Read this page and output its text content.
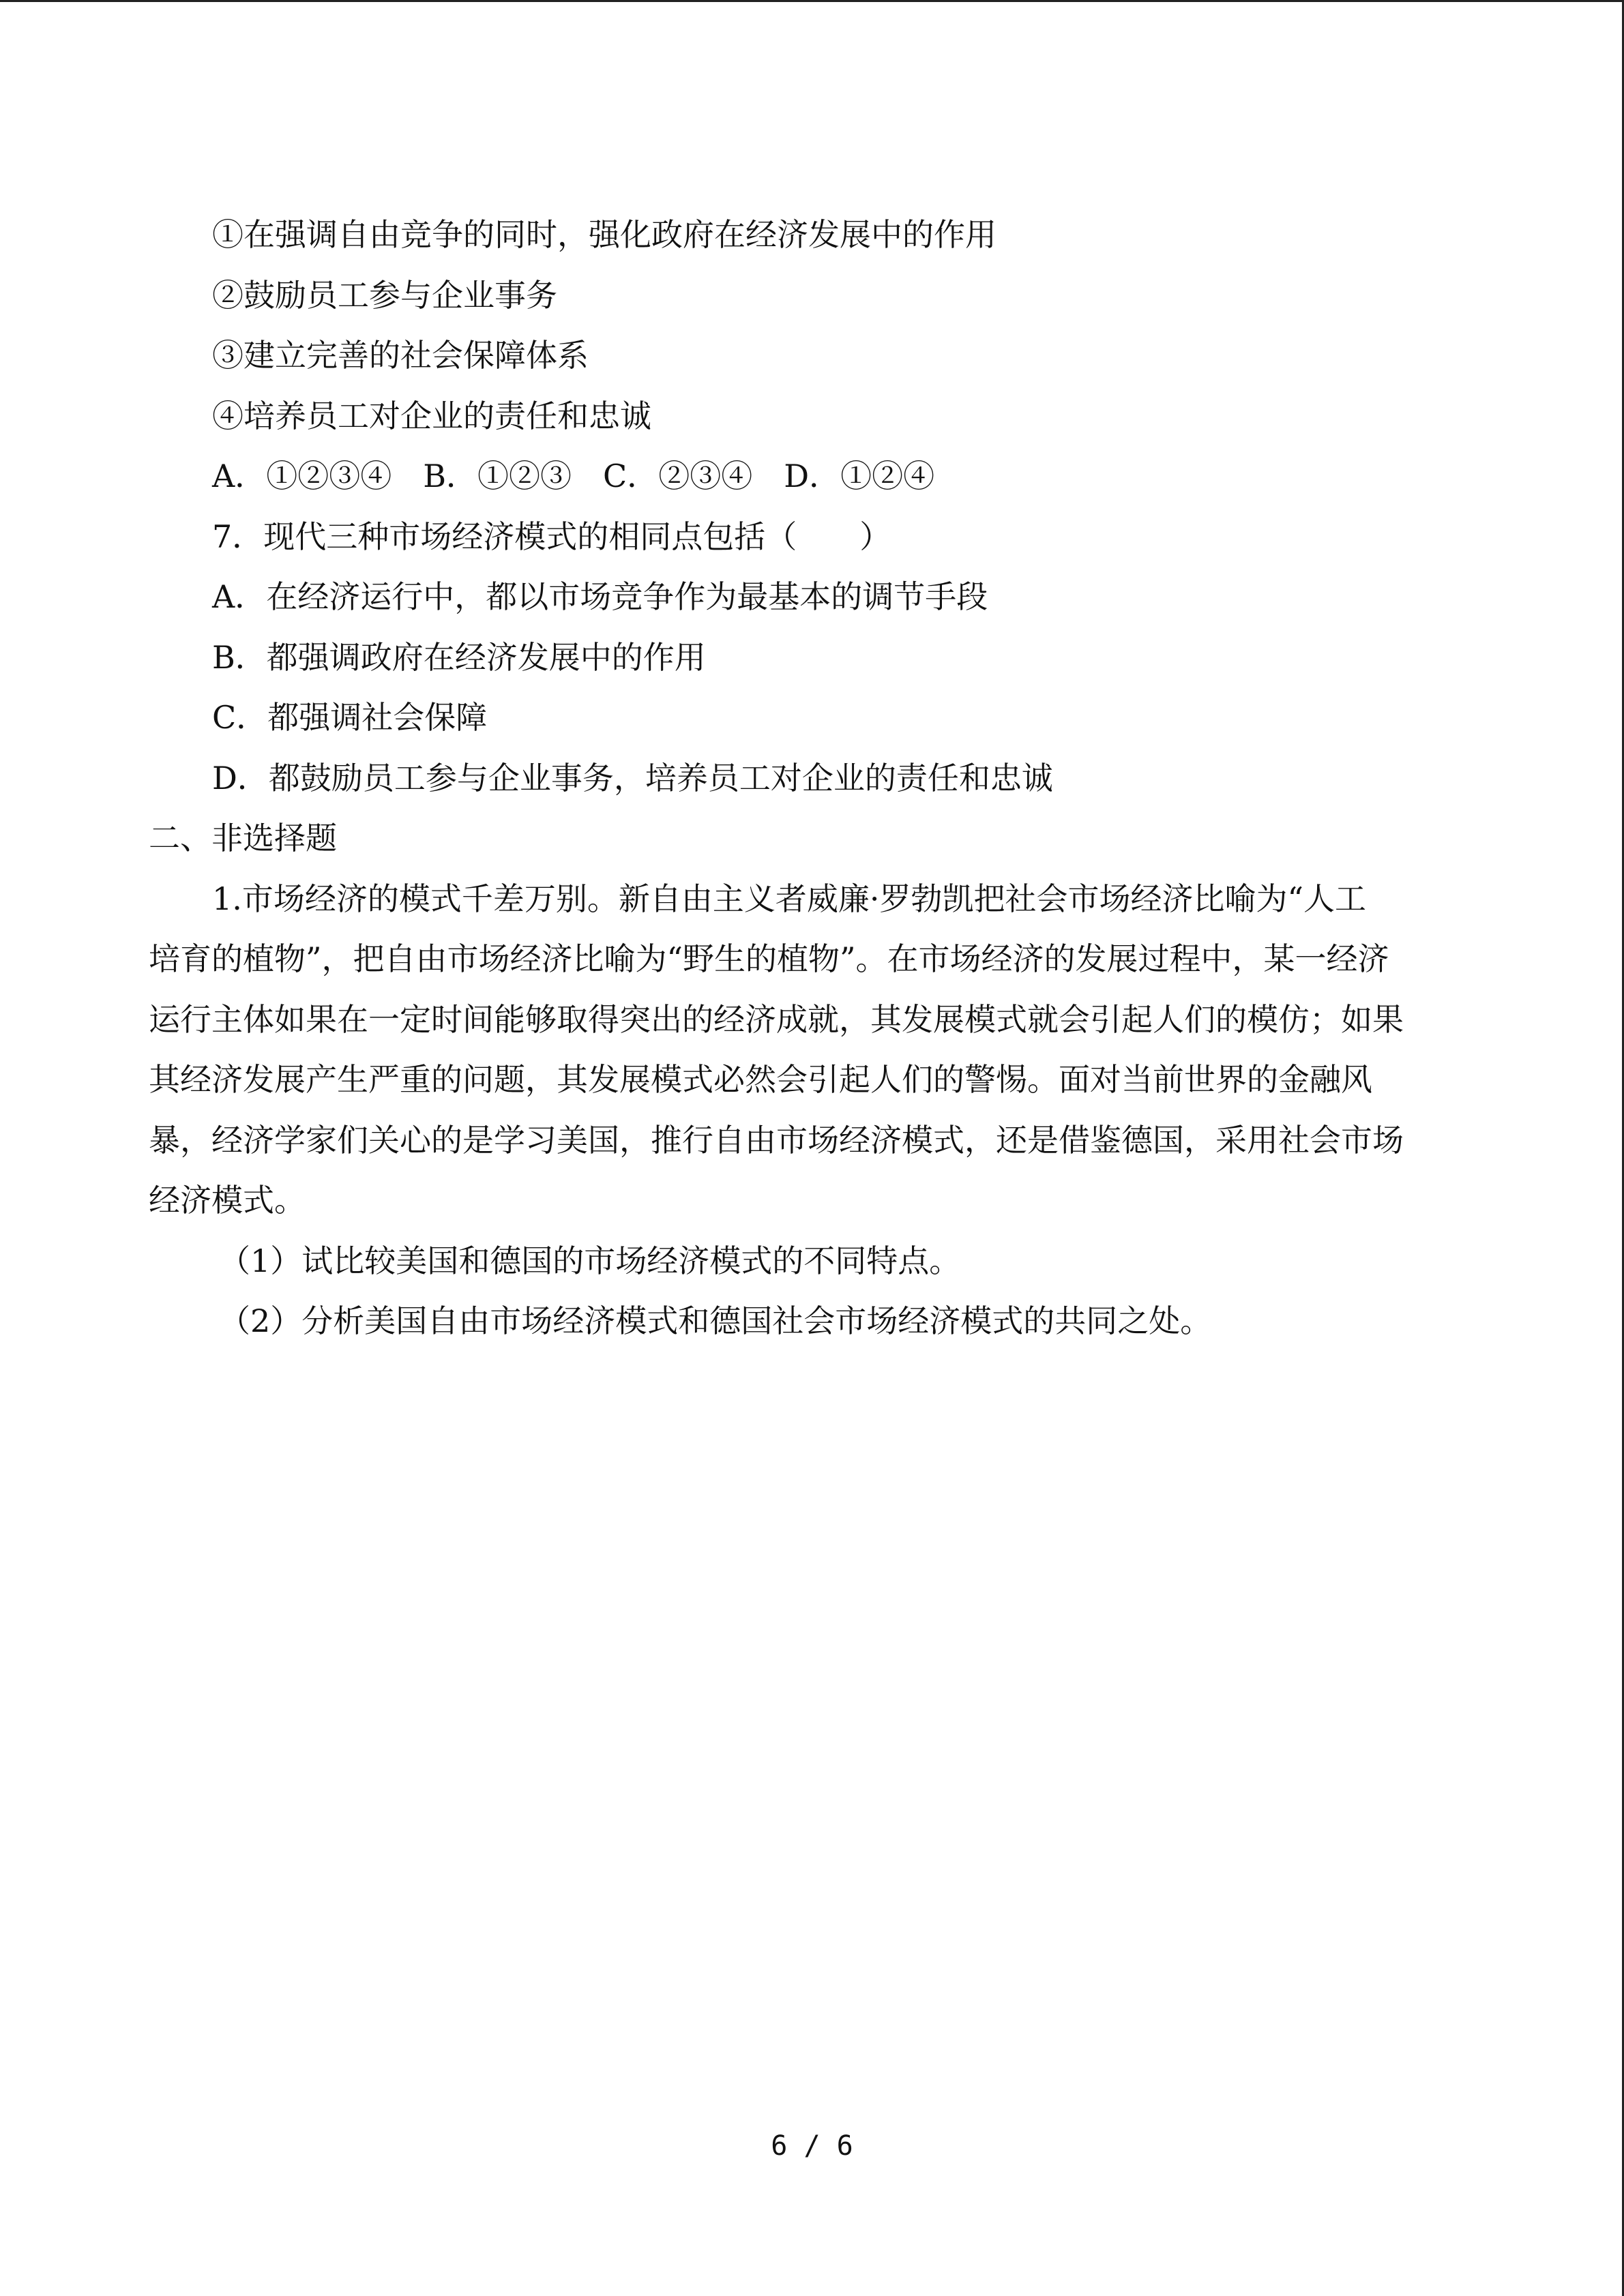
①在强调自由竞争的同时，强化政府在经济发展中的作用
②鼓励员工参与企业事务
③建立完善的社会保障体系
④培养员工对企业的责任和忠诚
A．①②③④　B．①②③　C．②③④　D．①②④
7．现代三种市场经济模式的相同点包括（　　）
A．在经济运行中，都以市场竞争作为最基本的调节手段
B．都强调政府在经济发展中的作用
C．都强调社会保障
D．都鼓励员工参与企业事务，培养员工对企业的责任和忠诚
二、非选择题
1.市场经济的模式千差万别。新自由主义者威廉·罗勃凯把社会市场经济比喻为“人工
培育的植物”，把自由市场经济比喻为“野生的植物”。在市场经济的发展过程中，某一经济
运行主体如果在一定时间能够取得突出的经济成就，其发展模式就会引起人们的模仿；如果
其经济发展产生严重的问题，其发展模式必然会引起人们的警惕。面对当前世界的金融风
暴，经济学家们关心的是学习美国，推行自由市场经济模式，还是借鉴德国，采用社会市场
经济模式。
（1）试比较美国和德国的市场经济模式的不同特点。
（2）分析美国自由市场经济模式和德国社会市场经济模式的共同之处。
6 / 6
